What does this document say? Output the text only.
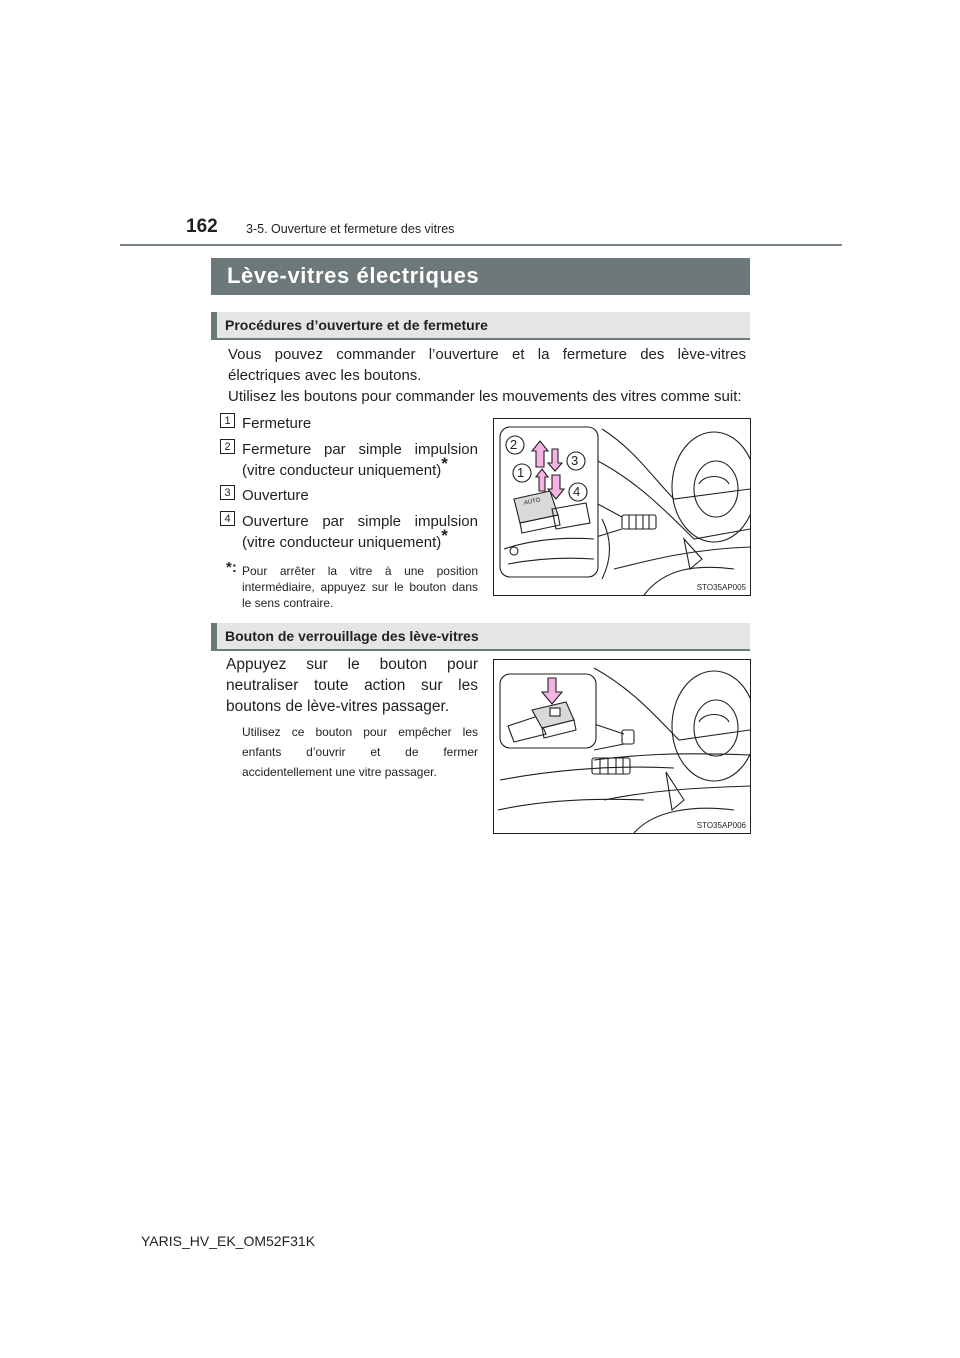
162 3-5. Ouverture et fermeture des vitres
Lève-vitres électriques
Procédures d’ouverture et de fermeture
Vous pouvez commander l’ouverture et la fermeture des lève-vitres électriques avec les boutons.
Utilisez les boutons pour commander les mouvements des vitres comme suit:
1 Fermeture
2 Fermeture par simple impulsion (vitre conducteur uniquement)*
3 Ouverture
4 Ouverture par simple impulsion (vitre conducteur uniquement)*
*: Pour arrêter la vitre à une position intermédiaire, appuyez sur le bouton dans le sens contraire.
2
1
3
4
AUTO
STO35AP005
Bouton de verrouillage des lève-vitres
Appuyez sur le bouton pour neutraliser toute action sur les boutons de lève-vitres passager.
Utilisez ce bouton pour empêcher les enfants d’ouvrir et de fermer accidentellement une vitre passager.
STO35AP006
YARIS_HV_EK_OM52F31K
